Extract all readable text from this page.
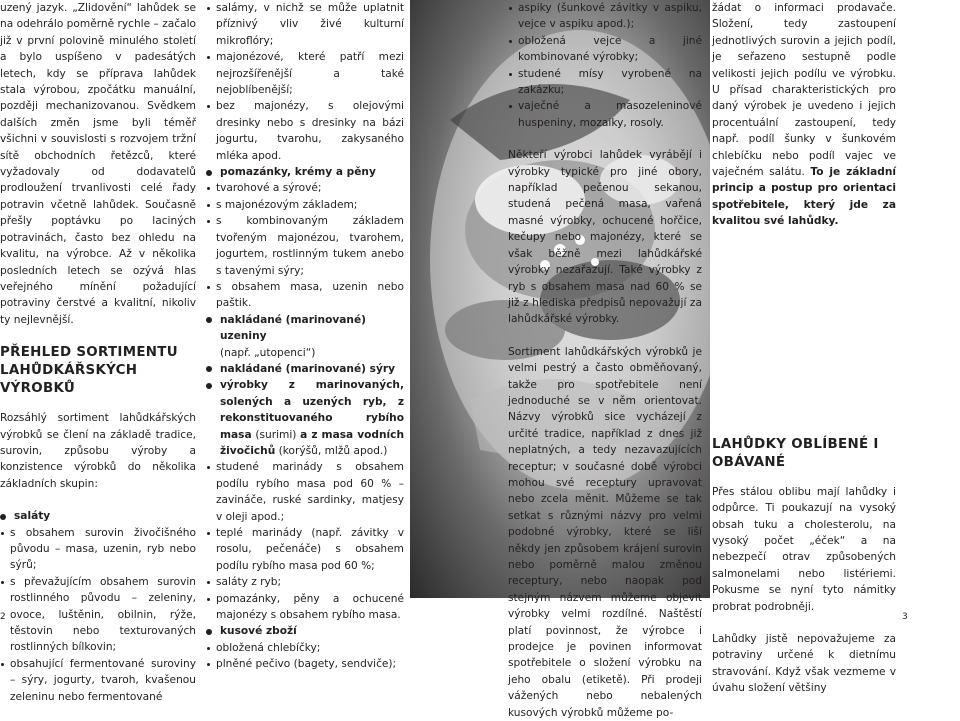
uzený jazyk. „Zlidovění“ lahůdek se na odehrálo poměrně rychle – začalo již v první polovině minulého století a bylo uspíšeno v padesátých letech, kdy se příprava lahůdek stala výrobou, zpočátku manuální, později mechanizovanou. Svědkem dalších změn jsme byli téměř všichni v souvislosti s rozvojem tržní sítě obchodních řetězců, které vyžadovaly od dodavatelů prodloužení trvanlivosti celé řady potravin včetně lahůdek. Současně přešly poptávku po laciných potravinách, často bez ohledu na kvalitu, na výrobce. Až v několika posledních letech se ozývá hlas veřejného mínění požadující potraviny čerstvé a kvalitní, nikoliv ty nejlevnější.

PŘEHLED SORTIMENTU LAHŮDKÁŘSKÝCH VÝROBKŮ

Rozsáhlý sortiment lahůdkářských výrobků se člení na základě tradice, surovin, způsobu výroby a konzistence výrobků do několika základních skupin:

saláty
s obsahem surovin živočišného původu – masa, uzenin, ryb nebo sýrů;
s převažujícím obsahem surovin rostlinného původu – zeleniny, ovoce, luštěnin, obilnin, rýže, těstovin nebo texturovaných rostlinných bílkovin;
obsahující fermentované suroviny – sýry, jogurty, tvaroh, kvašenou zeleninu nebo fermentované
salámy, v nichž se může uplatnit příznivý vliv živé kulturní mikroflóry;
majonézové, které patří mezi nejrozšířenější a také nejoblíbenější;
bez majonézy, s olejovými dresinky nebo s dresinky na bázi jogurtu, tvarohu, zakysaného mléka apod.
pomazánky, krémy a pěny
tvarohové a sýrové;
s majonézovým základem;
s kombinovaným základem tvořeným majonézou, tvarohem, jogurtem, rostlinným tukem anebo s tavenými sýry;
s obsahem masa, uzenin nebo paštik.
nakládané (marinované) uzeniny
(např. „utopenci“)
nakládané (marinované) sýry
výrobky z marinovaných, solených a uzených ryb, z rekonstituovaného rybího masa (surimi) a z masa vodních živočichů (korýšů, mlžů apod.)
studené marinády s obsahem podílu rybího masa pod 60 % – zavináče, ruské sardinky, matjesy v oleji apod.;
teplé marinády (např. závitky v rosolu, pečenáče) s obsahem podílu rybího masa pod 60 %;
saláty z ryb;
pomazánky, pěny a ochucené majonézy s obsahem rybího masa.
kusové zboží
obložená chlebíčky;
plněné pečivo (bagety, sendviče);
aspiky (šunkové závitky v aspiku, vejce v aspiku apod.);
obložená vejce a jiné kombinované výrobky;
studené mísy vyrobené na zakázku;
vaječné a masozeleninové huspeniny, mozaiky, rosoly.

Někteří výrobci lahůdek vyrábějí i výrobky typické pro jiné obory, například pečenou sekanou, studená pečená masa, vařená masné výrobky, ochucené hořčice, kečupy nebo majonézy, které se však běžně mezi lahůdkářské výrobky nezařazují. Také výrobky z ryb s obsahem masa nad 60 % se již z hlediska předpisů nepovažují za lahůdkářské výrobky.

Sortiment lahůdkářských výrobků je velmi pestrý a často obměňovaný, takže pro spotřebitele není jednoduché se v něm orientovat. Názvy výrobků sice vycházejí z určité tradice, například z dnes již neplatných, a tedy nezavazujících receptur; v současné době výrobci mohou své receptury upravovat nebo zcela měnit. Můžeme se tak setkat s různými názvy pro velmi podobné výrobky, které se liší někdy jen způsobem krájení surovin nebo poměrně malou změnou receptury, nebo naopak pod stejným názvem můžeme objevit výrobky velmi rozdílné. Naštěstí platí povinnost, že výrobce i prodejce je povinen informovat spotřebitele o složení výrobku na jeho obalu (etiketě). Při prodeji vážených nebo nebalených kusových výrobků můžeme po-

žádat o informaci prodavače. Složení, tedy zastoupení jednotlivých surovin a jejich podíl, je seřazeno sestupně podle velikosti jejich podílu ve výrobku. U přísad charakteristických pro daný výrobek je uvedeno i jejich procentuální zastoupení, tedy např. podíl šunky v šunkovém chlebíčku nebo podíl vajec ve vaječném salátu. To je základní princip a postup pro orientaci spotřebitele, který jde za kvalitou své lahůdky.

LAHŮDKY OBLÍBENÉ I OBÁVANÉ

Přes stálou oblibu mají lahůdky i odpůrce. Ti poukazují na vysoký obsah tuku a cholesterolu, na vysoký počet „éček“ a na nebezpečí otrav způsobených salmonelami nebo listériemi. Pokusme se nyní tyto námitky probrat podrobněji.

Lahůdky jistě nepovažujeme za potraviny určené k dietnímu stravování. Když však vezmeme v úvahu složení většiny

2	3
